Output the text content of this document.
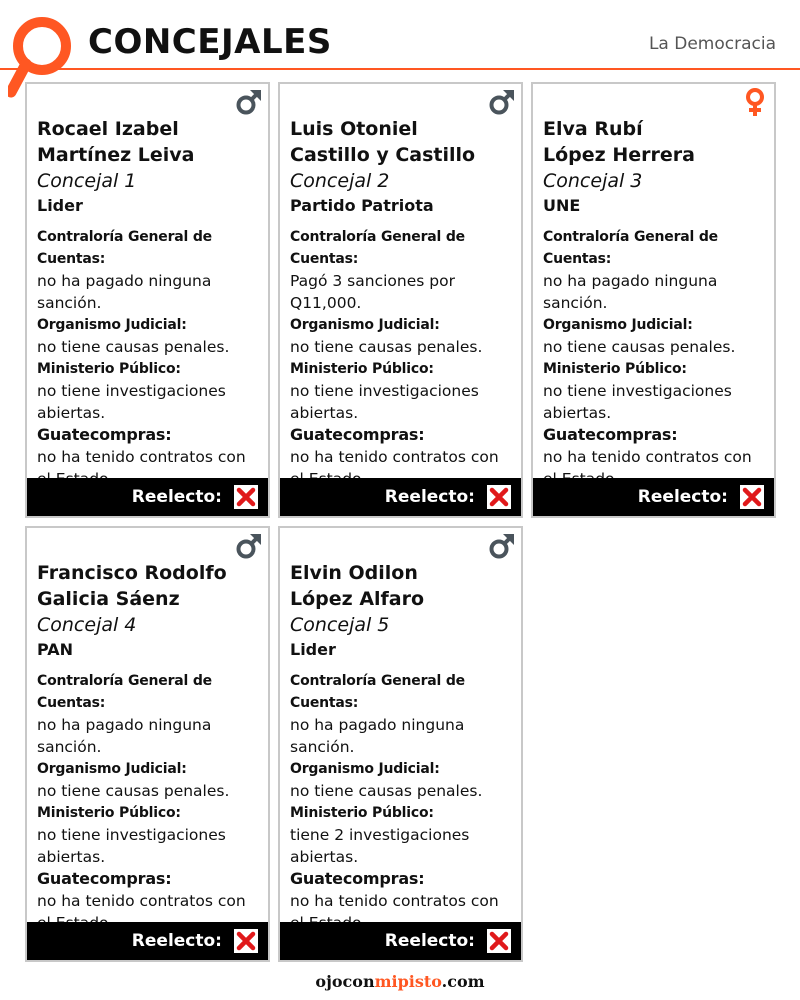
CONCEJALES	La Democracia
Rocael Izabel
Martínez Leiva
Concejal 1
Lider
Contraloría General de Cuentas:
no ha pagado ninguna
sanción.
Organismo Judicial:
no tiene causas penales.
Ministerio Público:
no tiene investigaciones
abiertas.
Guatecompras:
no ha tenido contratos con
Reelecto:
Luis Otoniel
Castillo y Castillo
Concejal 2
Partido Patriota
Contraloría General de Cuentas:
Pagó 3 sanciones por
Q11,000.
Organismo Judicial:
no tiene causas penales.
Ministerio Público:
no tiene investigaciones
abiertas.
Guatecompras:
no ha tenido contratos con
Reelecto:
Elva Rubí
López Herrera
Concejal 3
UNE
Contraloría General de Cuentas:
no ha pagado ninguna
sanción.
Organismo Judicial:
no tiene causas penales.
Ministerio Público:
no tiene investigaciones
abiertas.
Guatecompras:
no ha tenido contratos con
Reelecto:
Francisco Rodolfo
Galicia Sáenz
Concejal 4
PAN
Contraloría General de Cuentas:
no ha pagado ninguna
sanción.
Organismo Judicial:
no tiene causas penales.
Ministerio Público:
no tiene investigaciones
abiertas.
Guatecompras:
no ha tenido contratos con
Reelecto:
Elvin Odilon
López Alfaro
Concejal 5
Lider
Contraloría General de Cuentas:
no ha pagado ninguna
sanción.
Organismo Judicial:
no tiene causas penales.
Ministerio Público:
tiene 2 investigaciones
abiertas.
Guatecompras:
no ha tenido contratos con
Reelecto:
ojoconmipisto.com
